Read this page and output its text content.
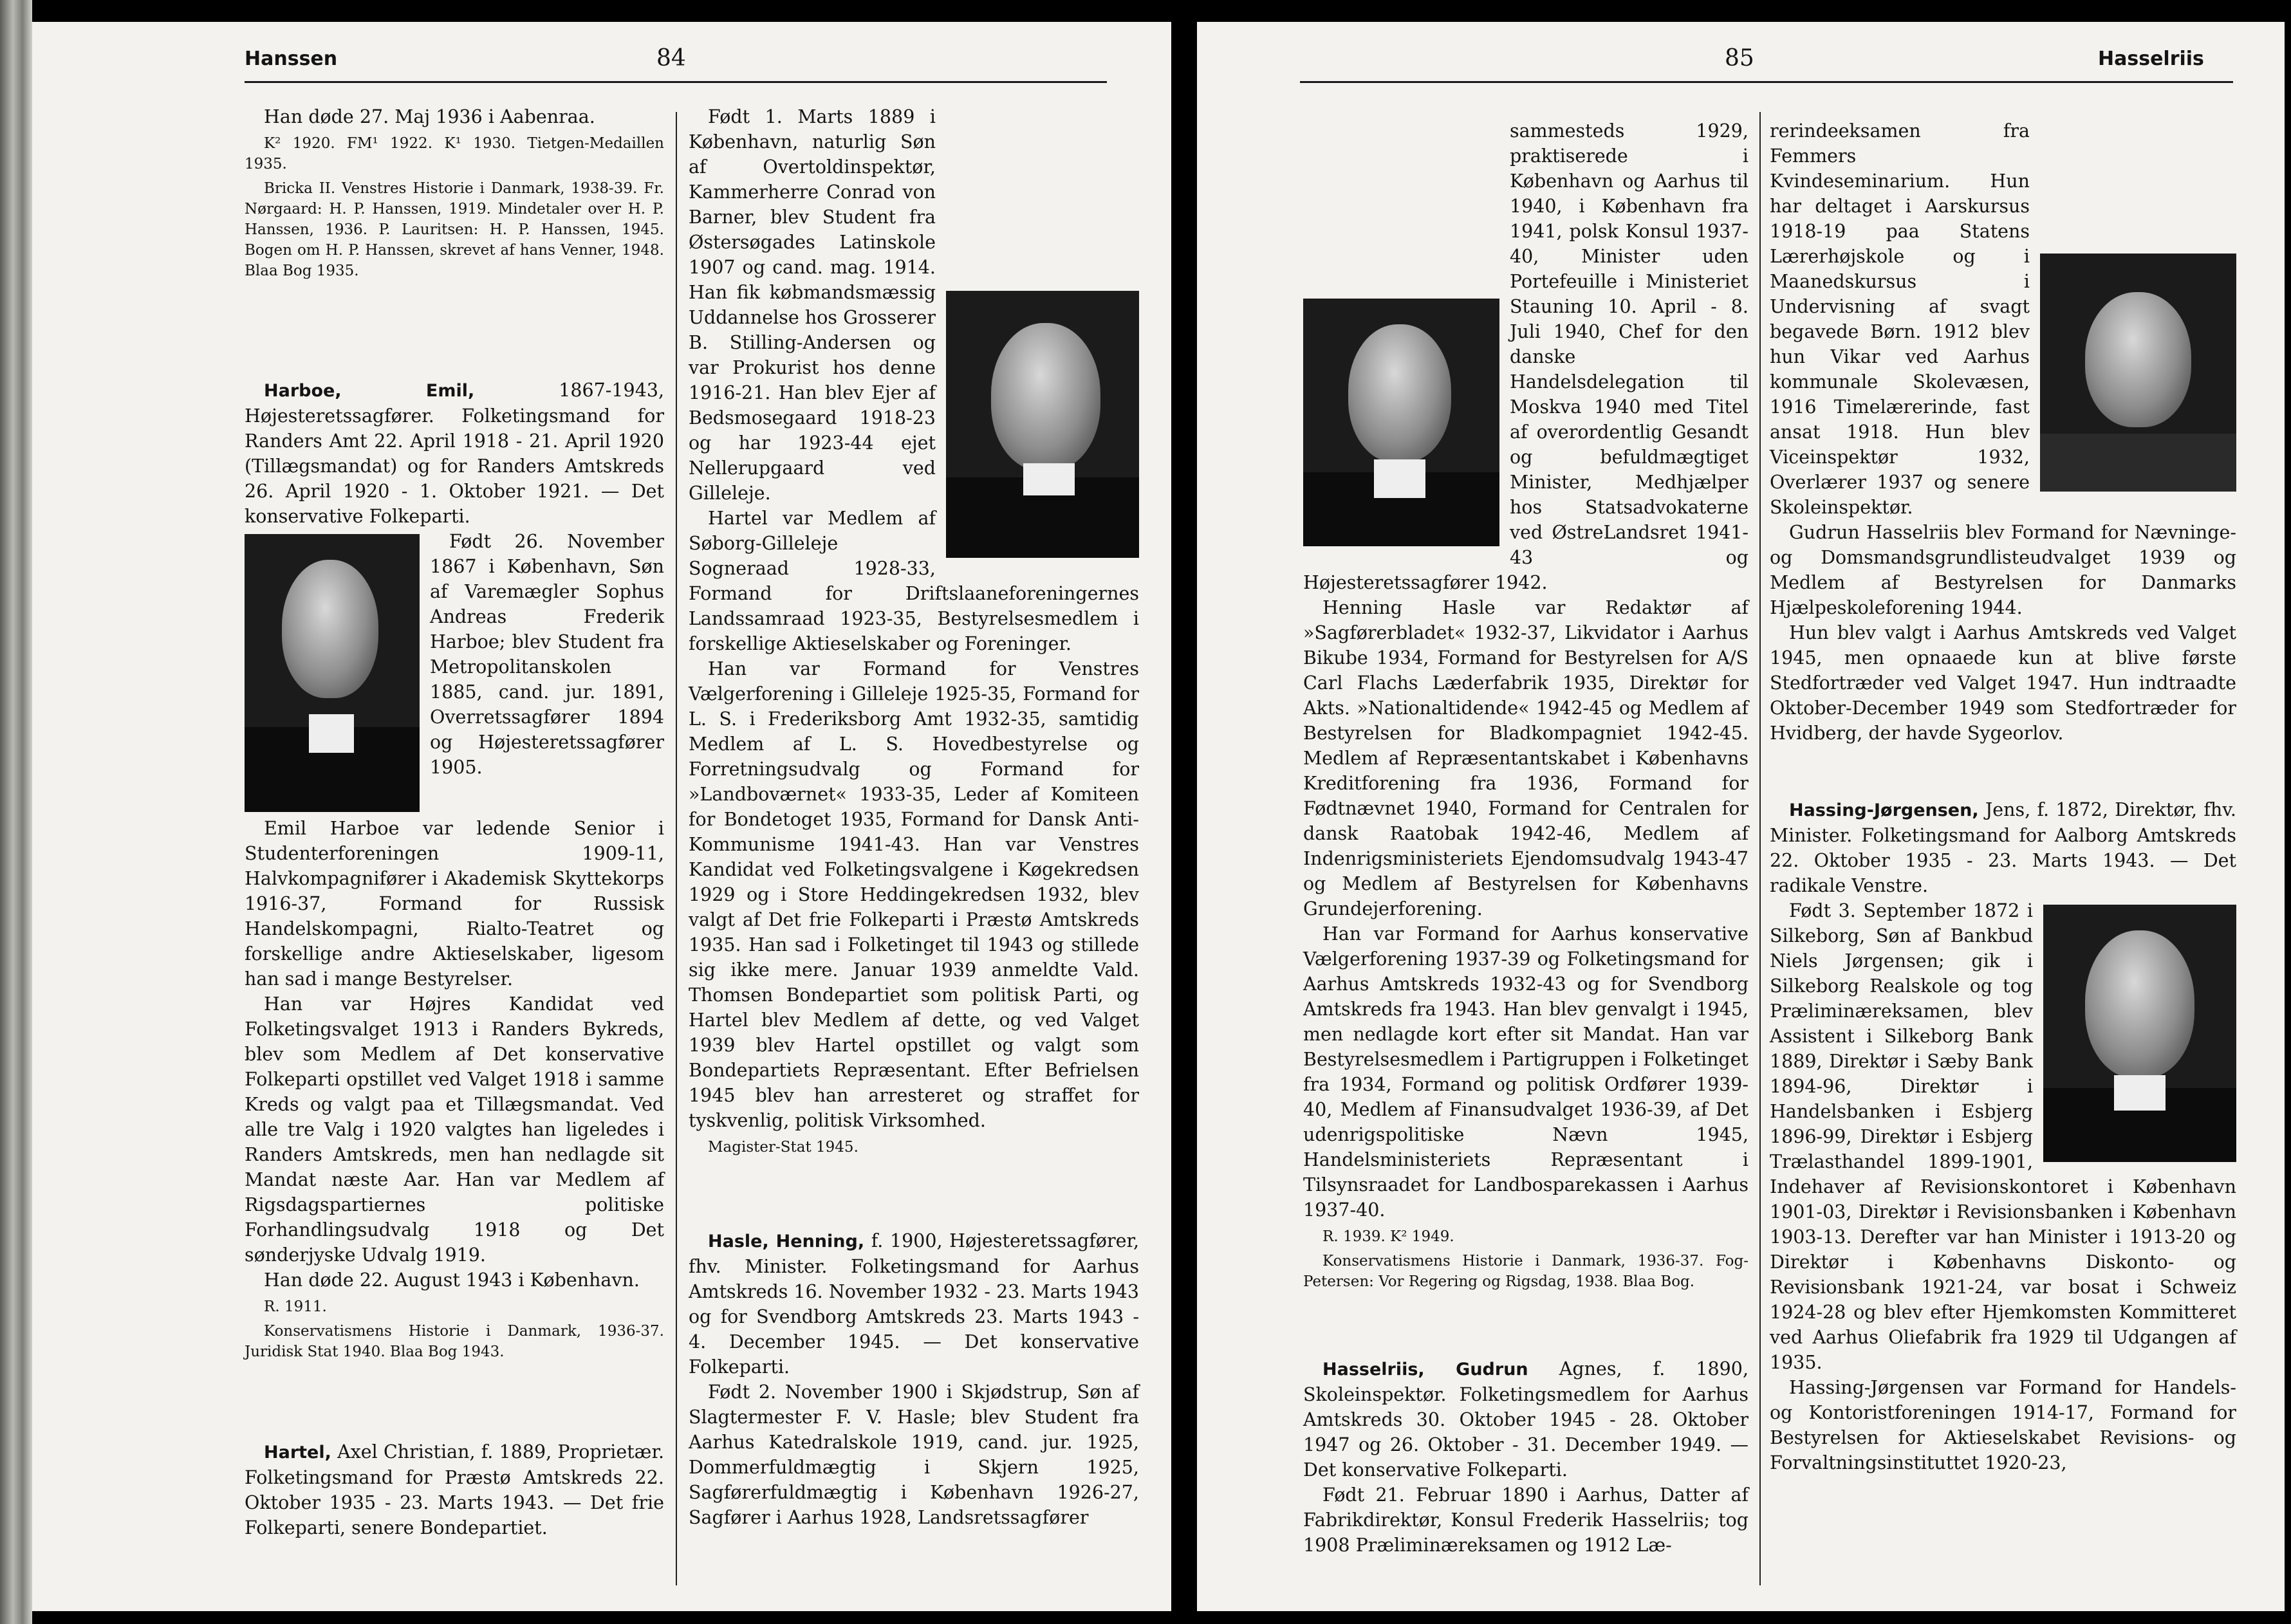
Hanssen	84

Han døde 27. Maj 1936 i Aabenraa.

K² 1920. FM¹ 1922. K¹ 1930. Tietgen-Medaillen 1935.

Bricka II. Venstres Historie i Danmark, 1938-39. Fr. Nørgaard: H. P. Hanssen, 1919. Mindetaler over H. P. Hanssen, 1936. P. Lauritsen: H. P. Hanssen, 1945. Bogen om H. P. Hanssen, skrevet af hans Venner, 1948. Blaa Bog 1935.

Harboe, Emil,	1867-1943, Højesteretssagfører. Folketingsmand for Randers Amt 22. April 1918 - 21. April 1920 (Tillægsmandat) og for Randers Amtskreds 26. April 1920 - 1. Oktober 1921. — Det konservative Folkeparti.

Født 26. November 1867 i København, Søn af Varemægler Sophus Andreas Frederik Harboe; blev Student fra Metropolitanskolen 1885, cand. jur. 1891, Overretssagfører 1894 og Højesteretssagfører 1905.

Emil Harboe var ledende Senior i Studenterforeningen 1909-11, Halvkompagnifører i Akademisk Skyttekorps 1916-37, Formand for Russisk Handelskompagni, Rialto-Teatret og forskellige andre Aktieselskaber, ligesom han sad i mange Bestyrelser.

Han var Højres Kandidat ved Folketingsvalget 1913 i Randers Bykreds, blev som Medlem af Det konservative Folkeparti opstillet ved Valget 1918 i samme Kreds og valgt paa et Tillægsmandat. Ved alle tre Valg i 1920 valgtes han ligeledes i Randers Amtskreds, men han nedlagde sit Mandat næste Aar. Han var Medlem af Rigsdagspartiernes politiske Forhandlingsudvalg 1918 og Det sønderjyske Udvalg 1919.

Han døde 22. August 1943 i København.

R. 1911.

Konservatismens Historie i Danmark, 1936-37. Juridisk Stat 1940. Blaa Bog 1943.

Hartel, Axel Christian, f. 1889, Proprietær. Folketingsmand for Præstø Amtskreds 22. Oktober 1935 - 23. Marts 1943. — Det frie Folkeparti, senere Bondepartiet.

Født 1. Marts 1889 i København, naturlig Søn af Overtoldinspektør, Kammerherre Conrad von Barner, blev Student fra Østersøgades Latinskole 1907 og cand. mag. 1914. Han fik købmandsmæssig Uddannelse hos Grosserer B. Stilling-Andersen og var Prokurist hos denne 1916-21. Han blev Ejer af Bedsmosegaard 1918-23 og har 1923-44 ejet Nellerupgaard ved Gilleleje.

Hartel var Medlem af Søborg-Gilleleje Sogneraad 1928-33, Formand for Driftslaaneforeningernes Landssamraad 1923-35, Bestyrelsesmedlem i forskellige Aktieselskaber og Foreninger.

Han var Formand for Venstres Vælgerforening i Gilleleje 1925-35, Formand for L. S. i Frederiksborg Amt 1932-35, samtidig Medlem af L. S. Hovedbestyrelse og Forretningsudvalg og Formand for »Landboværnet« 1933-35, Leder af Komiteen for Bondetoget 1935, Formand for Dansk Anti-Kommunisme 1941-43. Han var Venstres Kandidat ved Folketingsvalgene i Køgekredsen 1929 og i Store Heddingekredsen 1932, blev valgt af Det frie Folkeparti i Præstø Amtskreds 1935. Han sad i Folketinget til 1943 og stillede sig ikke mere. Januar 1939 anmeldte Vald. Thomsen Bondepartiet som politisk Parti, og Hartel blev Medlem af dette, og ved Valget 1939 blev Hartel opstillet og valgt som Bondepartiets Repræsentant. Efter Befrielsen 1945 blev han arresteret og straffet for tyskvenlig, politisk Virksomhed.

Magister-Stat 1945.

Hasle, Henning, f. 1900, Højesteretssagfører, fhv. Minister. Folketingsmand for Aarhus Amtskreds 16. November 1932 - 23. Marts 1943 og for Svendborg Amtskreds 23. Marts 1943 - 4. December 1945. — Det konservative Folkeparti.

Født 2. November 1900 i Skjødstrup, Søn af Slagtermester F. V. Hasle; blev Student fra Aarhus Katedralskole 1919, cand. jur. 1925, Dommerfuldmægtig i Skjern 1925, Sagførerfuldmægtig i København 1926-27, Sagfører i Aarhus 1928, Landsretssagfører

85	Hasselriis

sammesteds 1929, praktiserede i København og Aarhus til 1940, i København fra 1941, polsk Konsul 1937-40, Minister uden Portefeuille i Ministeriet Stauning 10. April - 8. Juli 1940, Chef for den danske Handelsdelegation til Moskva 1940 med Titel af overordentlig Gesandt og befuldmægtiget Minister, Medhjælper hos Statsadvokaterne ved ØstreLandsret 1941-43 og Højesteretssagfører 1942.

Henning Hasle var Redaktør af »Sagførerbladet« 1932-37, Likvidator i Aarhus Bikube 1934, Formand for Bestyrelsen for A/S Carl Flachs Læderfabrik 1935, Direktør for Akts. »Nationaltidende« 1942-45 og Medlem af Bestyrelsen for Bladkompagniet 1942-45. Medlem af Repræsentantskabet i Københavns Kreditforening fra 1936, Formand for Fødtnævnet 1940, Formand for Centralen for dansk Raatobak 1942-46, Medlem af Indenrigsministeriets Ejendomsudvalg 1943-47 og Medlem af Bestyrelsen for Københavns Grundejerforening.

Han var Formand for Aarhus konservative Vælgerforening 1937-39 og Folketingsmand for Aarhus Amtskreds 1932-43 og for Svendborg Amtskreds fra 1943. Han blev genvalgt i 1945, men nedlagde kort efter sit Mandat. Han var Bestyrelsesmedlem i Partigruppen i Folketinget fra 1934, Formand og politisk Ordfører 1939-40, Medlem af Finansudvalget 1936-39, af Det udenrigspolitiske Nævn 1945, Handelsministeriets Repræsentant i Tilsynsraadet for Landbosparekassen i Aarhus 1937-40.

R. 1939. K² 1949.

Konservatismens Historie i Danmark, 1936-37. Fog-Petersen: Vor Regering og Rigsdag, 1938. Blaa Bog.

Hasselriis, Gudrun Agnes, f. 1890, Skoleinspektør. Folketingsmedlem for Aarhus Amtskreds 30. Oktober 1945 - 28. Oktober 1947 og 26. Oktober - 31. December 1949. — Det konservative Folkeparti.

Født 21. Februar 1890 i Aarhus, Datter af Fabrikdirektør, Konsul Frederik Hasselriis; tog 1908 Præliminæreksamen og 1912 Læ-

rerindeeksamen fra Femmers Kvindeseminarium. Hun har deltaget i Aarskursus 1918-19 paa Statens Lærerhøjskole og i Maanedskursus i Undervisning af svagt begavede Børn. 1912 blev hun Vikar ved Aarhus kommunale Skolevæsen, 1916 Timelærerinde, fast ansat 1918. Hun blev Viceinspektør 1932, Overlærer 1937 og senere Skoleinspektør.

Gudrun Hasselriis blev Formand for Nævninge- og Domsmandsgrundlisteudvalget 1939 og Medlem af Bestyrelsen for Danmarks Hjælpeskoleforening 1944.

Hun blev valgt i Aarhus Amtskreds ved Valget 1945, men opnaaede kun at blive første Stedfortræder ved Valget 1947. Hun indtraadte Oktober-December 1949 som Stedfortræder for Hvidberg, der havde Sygeorlov.

Hassing-Jørgensen, Jens, f. 1872, Direktør, fhv. Minister. Folketingsmand for Aalborg Amtskreds 22. Oktober 1935 - 23. Marts 1943. — Det radikale Venstre.

Født 3. September 1872 i Silkeborg, Søn af Bankbud Niels Jørgensen; gik i Silkeborg Realskole og tog Præliminæreksamen, blev Assistent i Silkeborg Bank 1889, Direktør i Sæby Bank 1894-96, Direktør i Handelsbanken i Esbjerg 1896-99, Direktør i Esbjerg Trælasthandel 1899-1901, Indehaver af Revisionskontoret i København 1901-03, Direktør i Revisionsbanken i København 1903-13. Derefter var han Minister i 1913-20 og Direktør i Københavns Diskonto- og Revisionsbank 1921-24, var bosat i Schweiz 1924-28 og blev efter Hjemkomsten Kommitteret ved Aarhus Oliefabrik fra 1929 til Udgangen af 1935.

Hassing-Jørgensen var Formand for Handels- og Kontoristforeningen 1914-17, Formand for Bestyrelsen for Aktieselskabet Revisions- og Forvaltningsinstituttet 1920-23,
